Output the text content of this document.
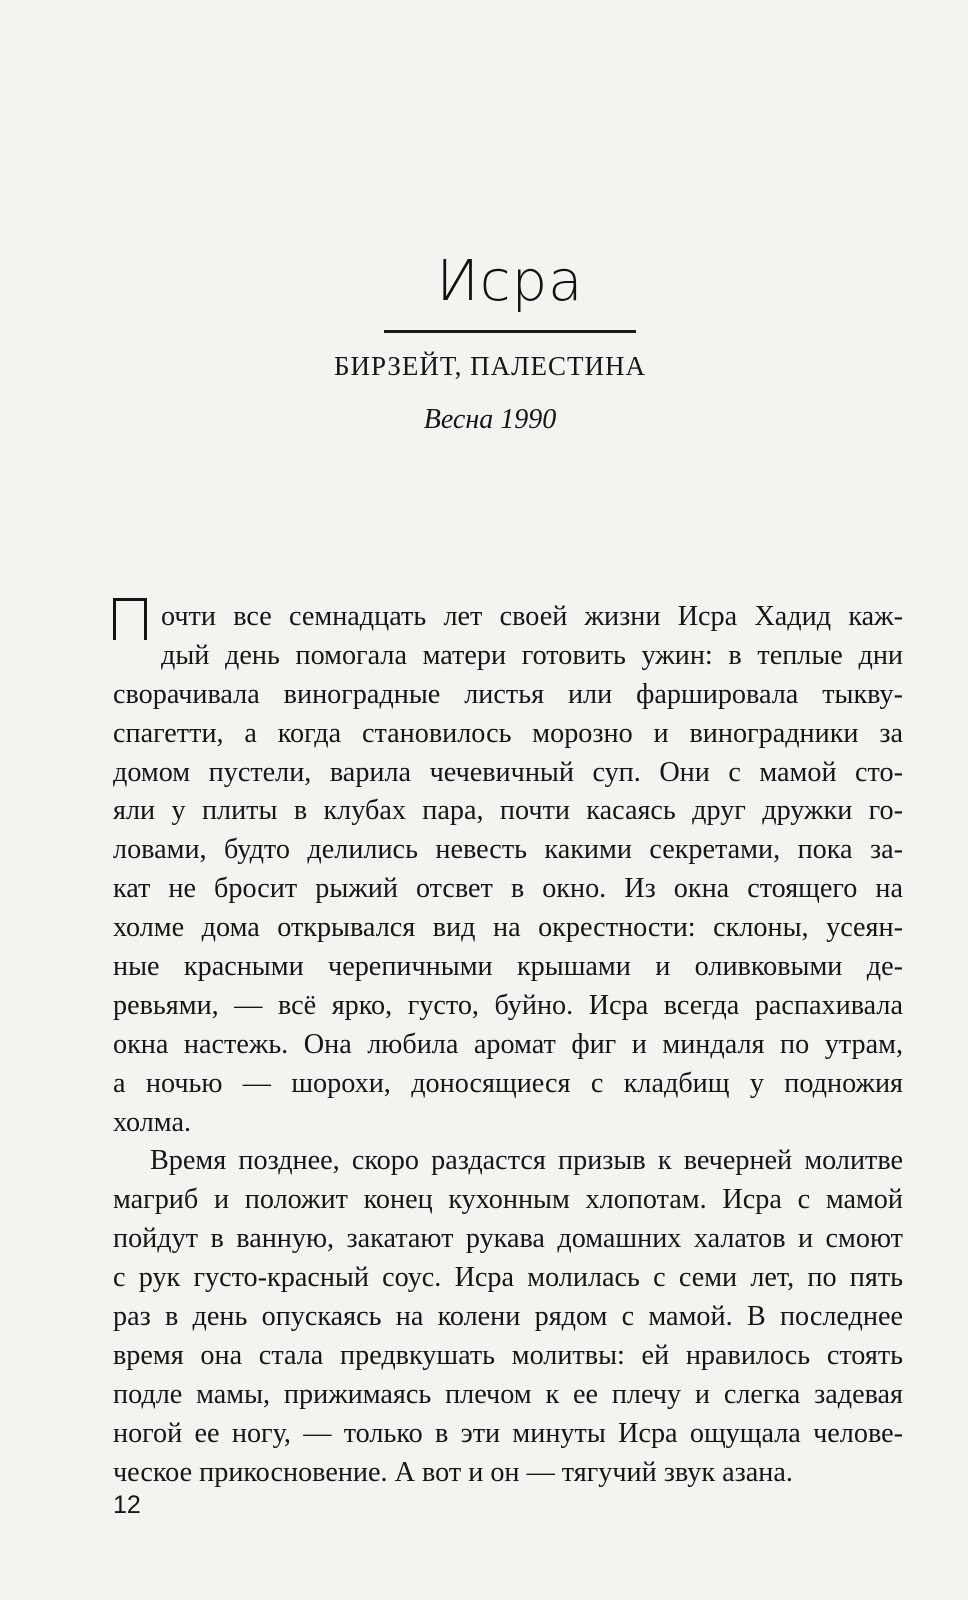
Исра
БИРЗЕЙТ, ПАЛЕСТИНА
Весна 1990
очти все семнадцать лет своей жизни Исра Хадид каж-
дый день помогала матери готовить ужин: в теплые дни
сворачивала виноградные листья или фаршировала тыкву-
спагетти, а когда становилось морозно и виноградники за
домом пустели, варила чечевичный суп. Они с мамой сто-
яли у плиты в клубах пара, почти касаясь друг дружки го-
ловами, будто делились невесть какими секретами, пока за-
кат не бросит рыжий отсвет в окно. Из окна стоящего на
холме дома открывался вид на окрестности: склоны, усеян-
ные красными черепичными крышами и оливковыми де-
ревьями, — всё ярко, густо, буйно. Исра всегда распахивала
окна настежь. Она любила аромат фиг и миндаля по утрам,
а ночью — шорохи, доносящиеся с кладбищ у подножия
холма.
Время позднее, скоро раздастся призыв к вечерней молитве
магриб и положит конец кухонным хлопотам. Исра с мамой
пойдут в ванную, закатают рукава домашних халатов и смоют
с рук густо-красный соус. Исра молилась с семи лет, по пять
раз в день опускаясь на колени рядом с мамой. В последнее
время она стала предвкушать молитвы: ей нравилось стоять
подле мамы, прижимаясь плечом к ее плечу и слегка задевая
ногой ее ногу, — только в эти минуты Исра ощущала челове-
ческое прикосновение. А вот и он — тягучий звук азана.
12
